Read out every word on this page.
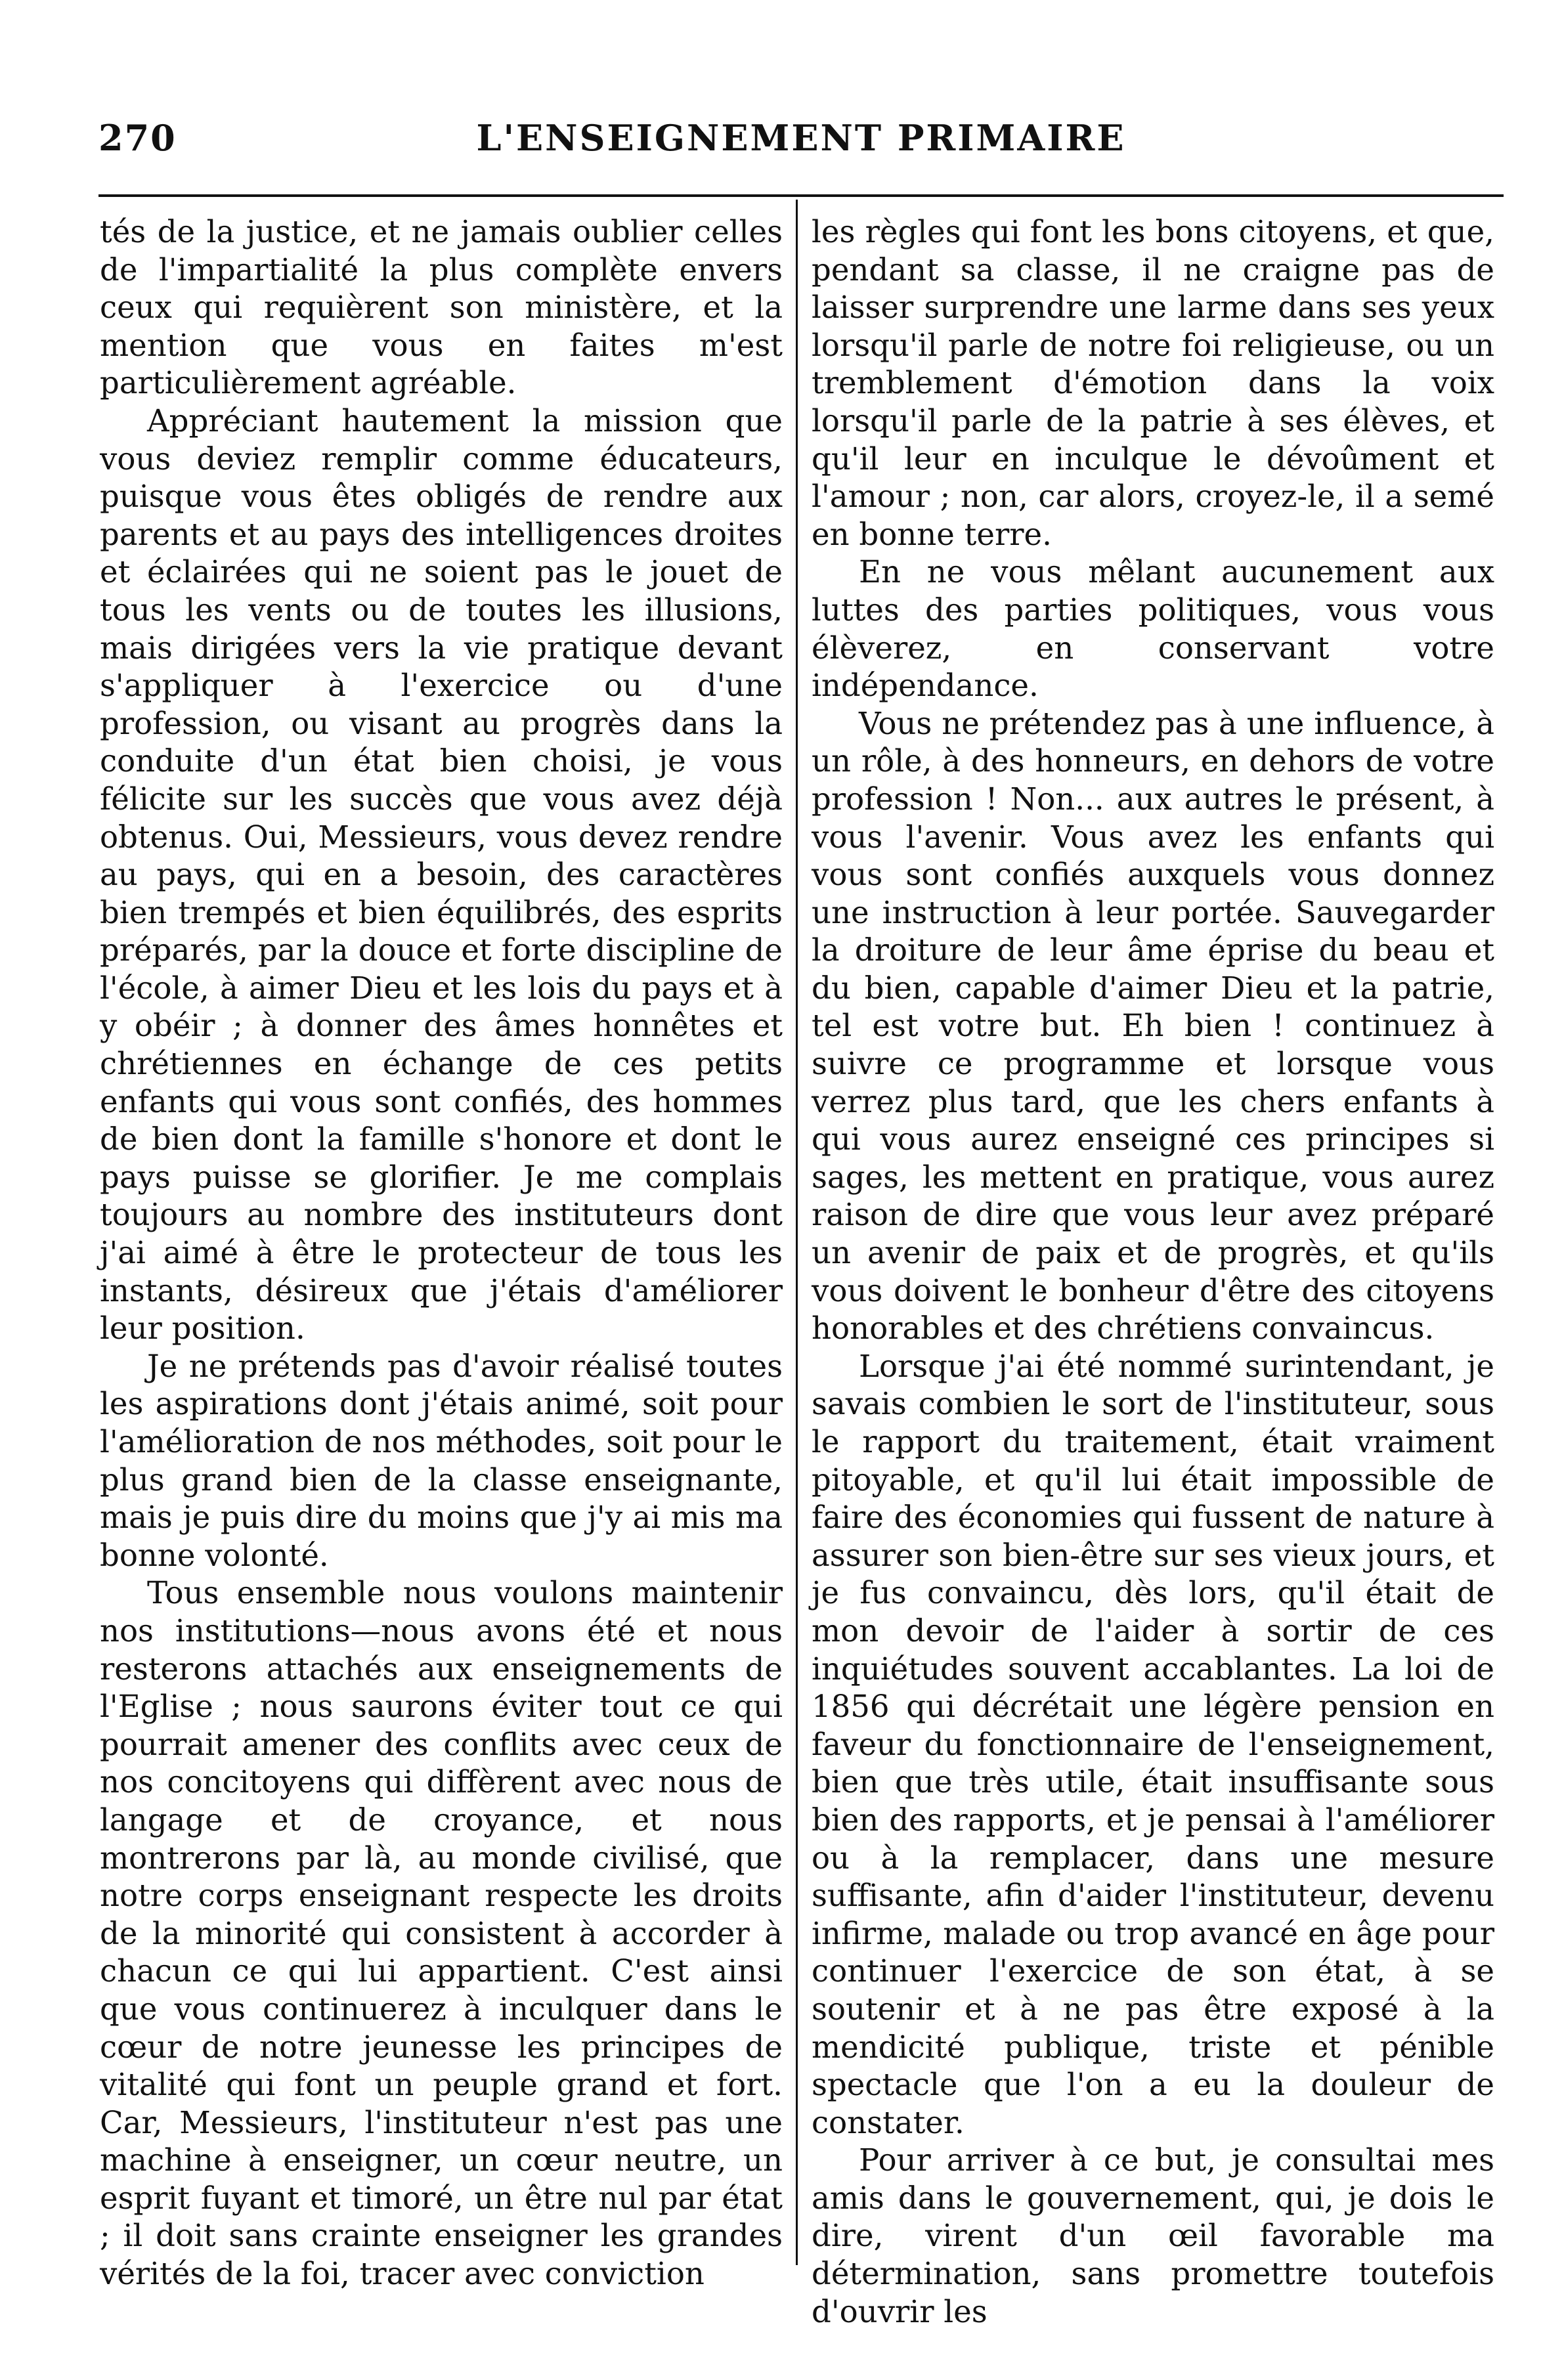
270	L'ENSEIGNEMENT PRIMAIRE

tés de la justice, et ne jamais oublier celles de l'impartialité la plus complète envers ceux qui requièrent son ministère, et la mention que vous en faites m'est particulièrement agréable.

Appréciant hautement la mission que vous deviez remplir comme éducateurs, puisque vous êtes obligés de rendre aux parents et au pays des intelligences droites et éclairées qui ne soient pas le jouet de tous les vents ou de toutes les illusions, mais dirigées vers la vie pratique devant s'appliquer à l'exercice ou d'une profession, ou visant au progrès dans la conduite d'un état bien choisi, je vous félicite sur les succès que vous avez déjà obtenus. Oui, Messieurs, vous devez rendre au pays, qui en a besoin, des caractères bien trempés et bien équilibrés, des esprits préparés, par la douce et forte discipline de l'école, à aimer Dieu et les lois du pays et à y obéir ; à donner des âmes honnêtes et chrétiennes en échange de ces petits enfants qui vous sont confiés, des hommes de bien dont la famille s'honore et dont le pays puisse se glorifier. Je me complais toujours au nombre des instituteurs dont j'ai aimé à être le protecteur de tous les instants, désireux que j'étais d'améliorer leur position.

Je ne prétends pas d'avoir réalisé toutes les aspirations dont j'étais animé, soit pour l'amélioration de nos méthodes, soit pour le plus grand bien de la classe enseignante, mais je puis dire du moins que j'y ai mis ma bonne volonté.

Tous ensemble nous voulons maintenir nos institutions—nous avons été et nous resterons attachés aux enseignements de l'Eglise ; nous saurons éviter tout ce qui pourrait amener des conflits avec ceux de nos concitoyens qui diffèrent avec nous de langage et de croyance, et nous montrerons par là, au monde civilisé, que notre corps enseignant respecte les droits de la minorité qui consistent à accorder à chacun ce qui lui appartient. C'est ainsi que vous continuerez à inculquer dans le cœur de notre jeunesse les principes de vitalité qui font un peuple grand et fort. Car, Messieurs, l'instituteur n'est pas une machine à enseigner, un cœur neutre, un esprit fuyant et timoré, un être nul par état ; il doit sans crainte enseigner les grandes vérités de la foi, tracer avec conviction

les règles qui font les bons citoyens, et que, pendant sa classe, il ne craigne pas de laisser surprendre une larme dans ses yeux lorsqu'il parle de notre foi religieuse, ou un tremblement d'émotion dans la voix lorsqu'il parle de la patrie à ses élèves, et qu'il leur en inculque le dévoûment et l'amour ; non, car alors, croyez-le, il a semé en bonne terre.

En ne vous mêlant aucunement aux luttes des parties politiques, vous vous élèverez, en conservant votre indépendance.

Vous ne prétendez pas à une influence, à un rôle, à des honneurs, en dehors de votre profession ! Non... aux autres le présent, à vous l'avenir. Vous avez les enfants qui vous sont confiés auxquels vous donnez une instruction à leur portée. Sauvegarder la droiture de leur âme éprise du beau et du bien, capable d'aimer Dieu et la patrie, tel est votre but. Eh bien ! continuez à suivre ce programme et lorsque vous verrez plus tard, que les chers enfants à qui vous aurez enseigné ces principes si sages, les mettent en pratique, vous aurez raison de dire que vous leur avez préparé un avenir de paix et de progrès, et qu'ils vous doivent le bonheur d'être des citoyens honorables et des chrétiens convaincus.

Lorsque j'ai été nommé surintendant, je savais combien le sort de l'instituteur, sous le rapport du traitement, était vraiment pitoyable, et qu'il lui était impossible de faire des économies qui fussent de nature à assurer son bien-être sur ses vieux jours, et je fus convaincu, dès lors, qu'il était de mon devoir de l'aider à sortir de ces inquiétudes souvent accablantes. La loi de 1856 qui décrétait une légère pension en faveur du fonctionnaire de l'enseignement, bien que très utile, était insuffisante sous bien des rapports, et je pensai à l'améliorer ou à la remplacer, dans une mesure suffisante, afin d'aider l'instituteur, devenu infirme, malade ou trop avancé en âge pour continuer l'exercice de son état, à se soutenir et à ne pas être exposé à la mendicité publique, triste et pénible spectacle que l'on a eu la douleur de constater.

Pour arriver à ce but, je consultai mes amis dans le gouvernement, qui, je dois le dire, virent d'un œil favorable ma détermination, sans promettre toutefois d'ouvrir les
